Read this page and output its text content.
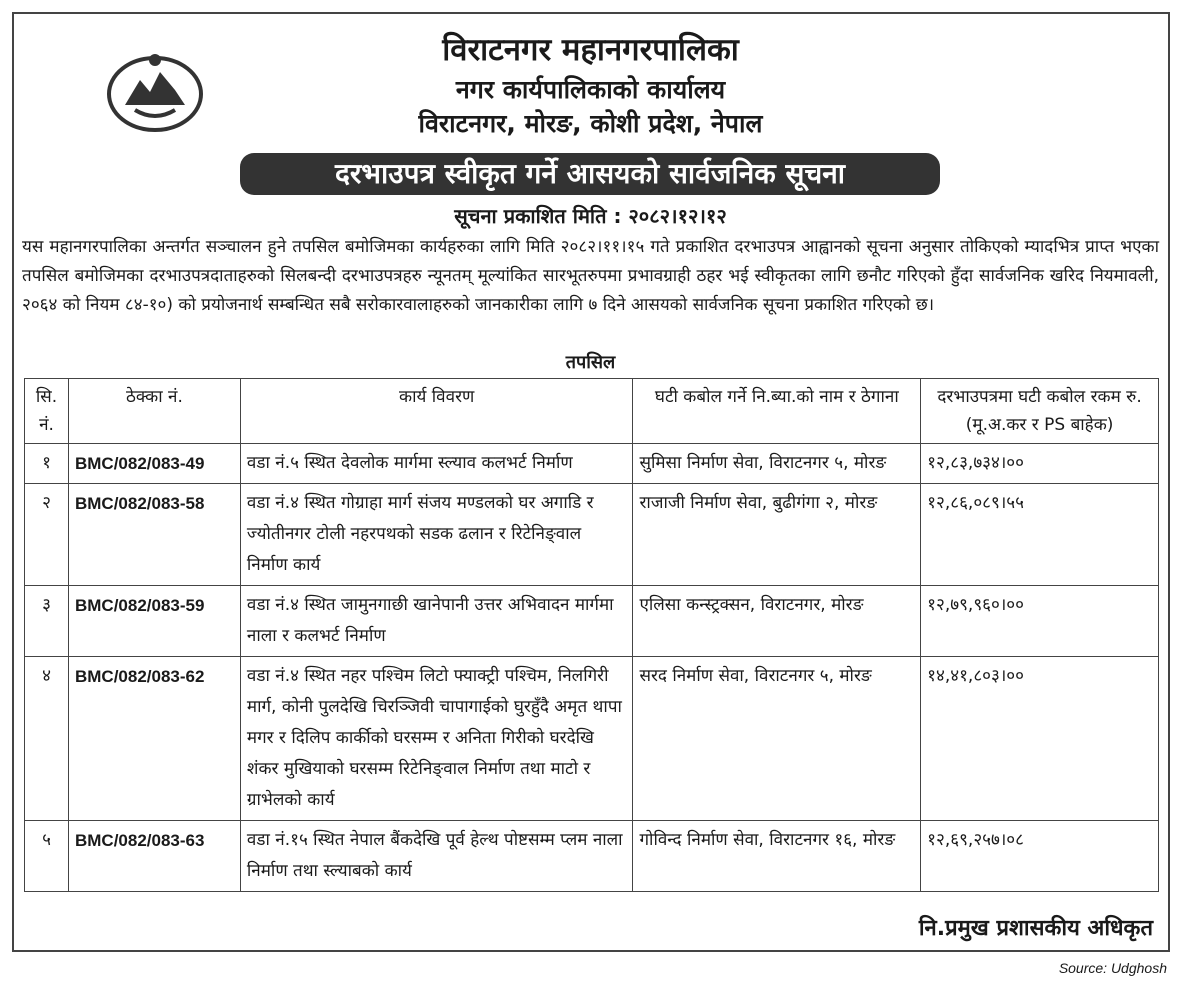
विराटनगर महानगरपालिका
नगर कार्यपालिकाको कार्यालय
विराटनगर, मोरङ, कोशी प्रदेश, नेपाल
दरभाउपत्र स्वीकृत गर्ने आसयको सार्वजनिक सूचना
सूचना प्रकाशित मिति : २०८२।१२।१२
यस महानगरपालिका अन्तर्गत सञ्चालन हुने तपसिल बमोजिमका कार्यहरुका लागि मिति २०८२।११।१५ गते प्रकाशित दरभाउपत्र आह्वानको सूचना अनुसार तोकिएको म्यादभित्र प्राप्त भएका तपसिल बमोजिमका दरभाउपत्रदाताहरुको सिलबन्दी दरभाउपत्रहरु न्यूनतम् मूल्यांकित सारभूतरुपमा प्रभावग्राही ठहर भई स्वीकृतका लागि छनौट गरिएको हुँदा सार्वजनिक खरिद नियमावली, २०६४ को नियम ८४-१०) को प्रयोजनार्थ सम्बन्धित सबै सरोकारवालाहरुको जानकारीका लागि ७ दिने आसयको सार्वजनिक सूचना प्रकाशित गरिएको छ।
तपसिल
सि. नं.	ठेक्का नं.	कार्य विवरण	घटी कबोल गर्ने नि.ब्या.को नाम र ठेगाना	दरभाउपत्रमा घटी कबोल रकम रु.(मू.अ.कर र PS बाहेक)
१	BMC/082/083-49	वडा नं.५ स्थित देवलोक मार्गमा स्ल्याव कलभर्ट निर्माण	सुमिसा निर्माण सेवा, विराटनगर ५, मोरङ	१२,८३,७३४।००
२	BMC/082/083-58	वडा नं.४ स्थित गोग्राहा मार्ग संजय मण्डलको घर अगाडि र ज्योतीनगर टोली नहरपथको सडक ढलान र रिटेनिङ्वाल निर्माण कार्य	राजाजी निर्माण सेवा, बुढीगंगा २, मोरङ	१२,८६,०८९।५५
३	BMC/082/083-59	वडा नं.४ स्थित जामुनगाछी खानेपानी उत्तर अभिवादन मार्गमा नाला र कलभर्ट निर्माण	एलिसा कन्स्ट्रक्सन, विराटनगर, मोरङ	१२,७९,९६०।००
४	BMC/082/083-62	वडा नं.४ स्थित नहर पश्चिम लिटो फ्याक्ट्री पश्चिम, निलगिरी मार्ग, कोनी पुलदेखि चिरञ्जिवी चापागाईको घुरहुँदै अमृत थापा मगर र दिलिप कार्कीको घरसम्म र अनिता गिरीको घरदेखि शंकर मुखियाको घरसम्म रिटेनिङ्वाल निर्माण तथा माटो र ग्राभेलको कार्य	सरद निर्माण सेवा, विराटनगर ५, मोरङ	१४,४१,८०३।००
५	BMC/082/083-63	वडा नं.१५ स्थित नेपाल बैंकदेखि पूर्व हेल्थ पोष्टसम्म प्लम नाला निर्माण तथा स्ल्याबको कार्य	गोविन्द निर्माण सेवा, विराटनगर १६, मोरङ	१२,६९,२५७।०८
नि.प्रमुख प्रशासकीय अधिकृत
Source: Udghosh
